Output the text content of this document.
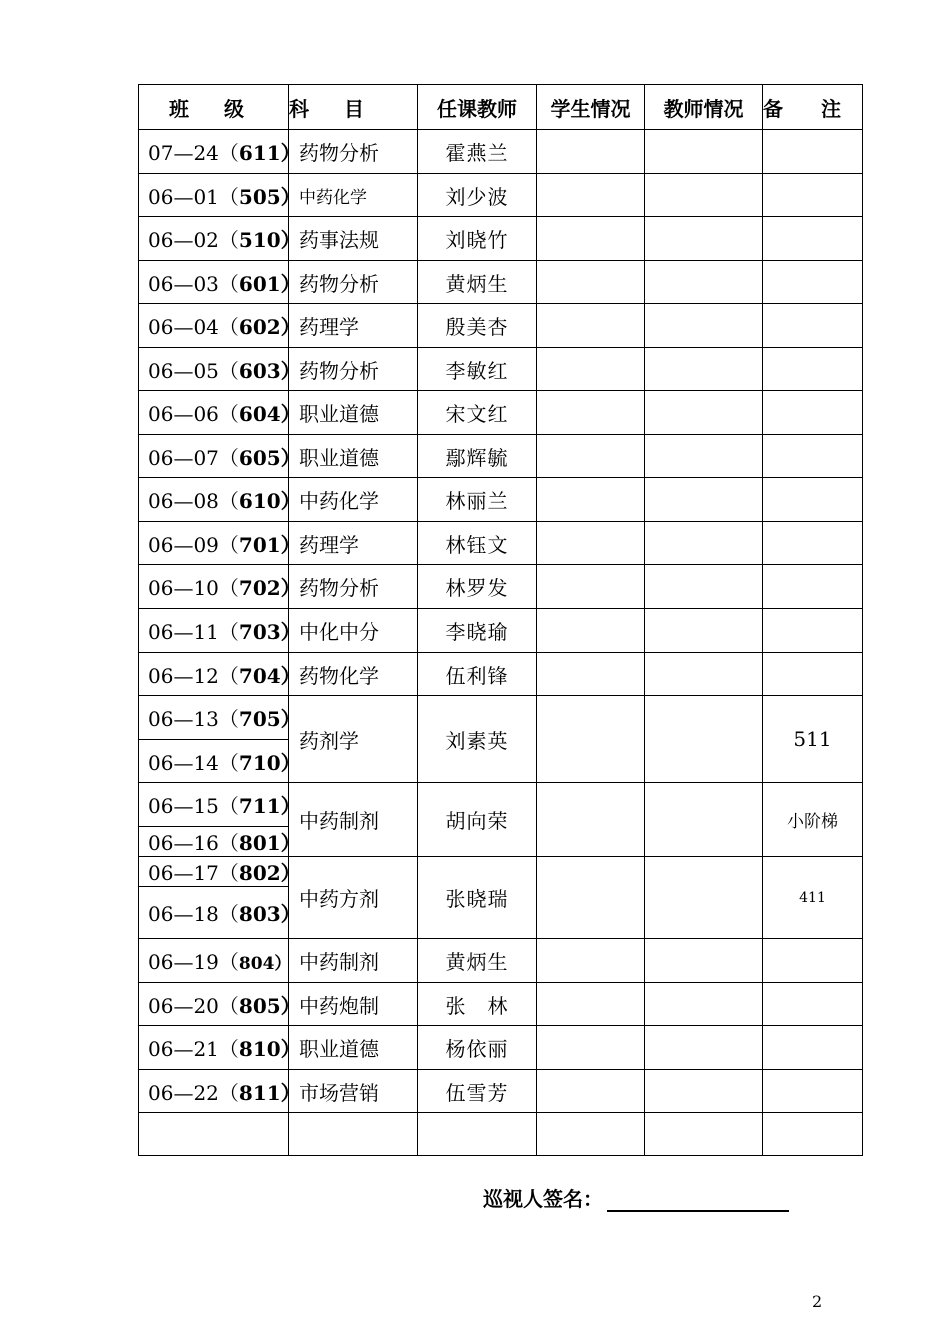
班 级	科 目	任课教师	学生情况	教师情况	备 注
07—24（611）	药物分析	霍燕兰			
06—01（505）	中药化学	刘少波			
06—02（510）	药事法规	刘晓竹			
06—03（601）	药物分析	黄炳生			
06—04（602）	药理学	殷美杏			
06—05（603）	药物分析	李敏红			
06—06（604）	职业道德	宋文红			
06—07（605）	职业道德	鄢辉毓			
06—08（610）	中药化学	林丽兰			
06—09（701）	药理学	林钰文			
06—10（702）	药物分析	林罗发			
06—11（703）	中化中分	李晓瑜			
06—12（704）	药物化学	伍利锋			
06—13（705）	药剂学	刘素英			511
06—14（710）					
06—15（711）	中药制剂	胡向荣			小阶梯
06—16（801）					
06—17（802）	中药方剂	张晓瑞			411
06—18（803）					
06—19（804）	中药制剂	黄炳生			
06—20（805）	中药炮制	张　林			
06—21（810）	职业道德	杨依丽			
06—22（811）	市场营销	伍雪芳			

巡视人签名：
2
